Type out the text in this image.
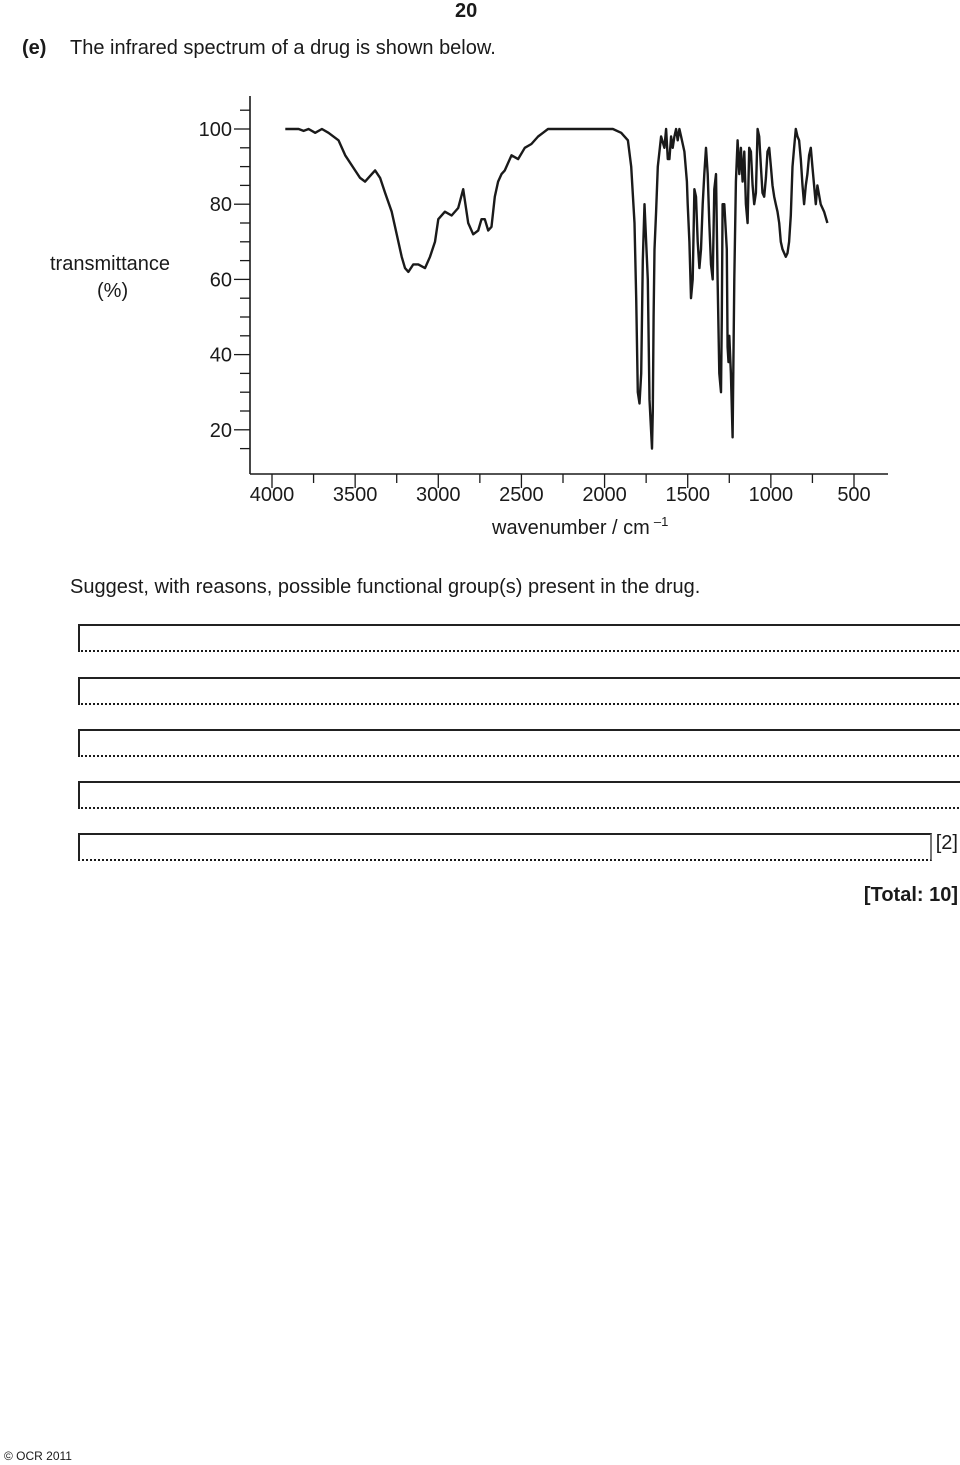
20
(e) The infrared spectrum of a drug is shown below.
100
80
60
40
20
4000 3500 3000 2500 2000 1500 1000 500
transmittance
(%)
wavenumber / cm $^{-1}$
Suggest, with reasons, possible functional group(s) present in the drug.
[2]
[Total: 10]
© OCR 2011
